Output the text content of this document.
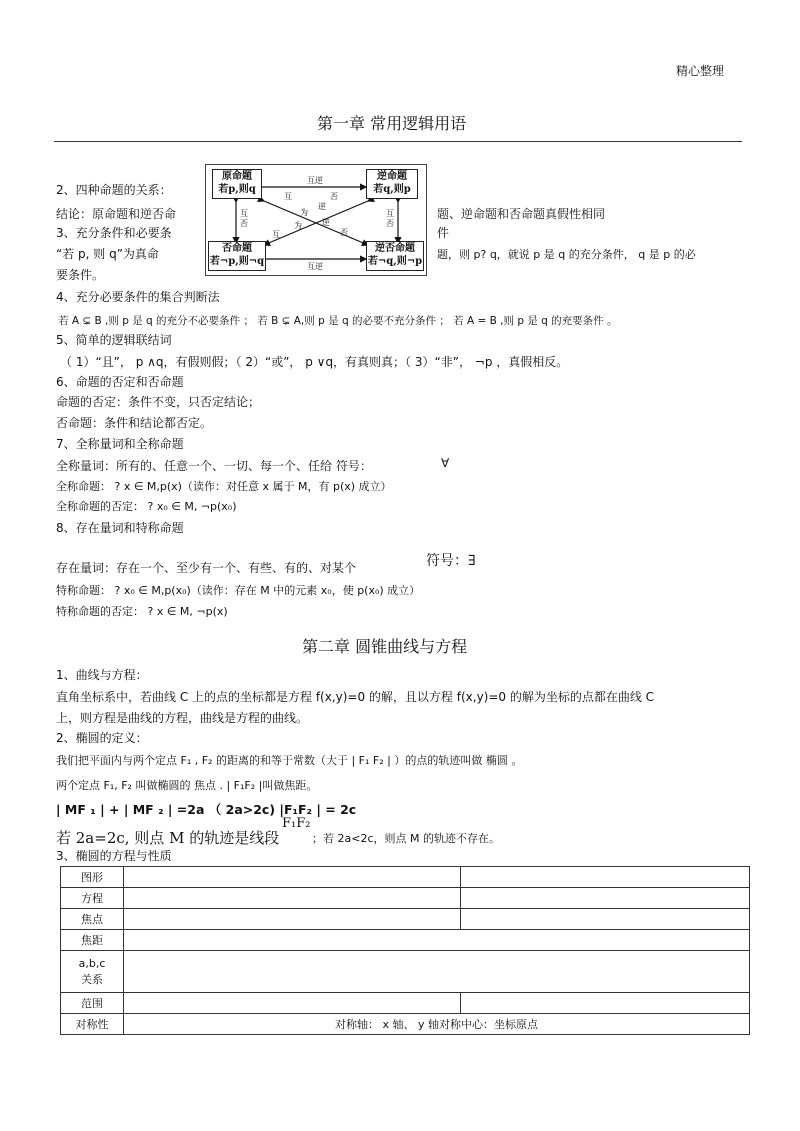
精心整理
第一章 常用逻辑用语
原命题
若p,则q
逆命题
若q,则p
否命题
若¬p,则¬q
逆否命题
若¬q,则¬p
互逆
互逆
互
否
互
否
互
为
逆
否
互
为	逆
否
2、四种命题的关系：
结论：原命题和逆否命	题、逆命题和否命题真假性相同
3、充分条件和必要条	件
“若 p, 则 q”为真命	题，则 p? q，就说 p 是 q 的充分条件， q 是 p 的必
要条件。
4、充分必要条件的集合判断法
若 A ⊊ B ,则 p 是 q 的充分不必要条件 ； 若 B ⊊ A,则 p 是 q 的必要不充分条件 ； 若 A = B ,则 p 是 q 的充要条件 。
5、简单的逻辑联结词
（ 1）“且”， p ∧q，有假则假；（ 2）“或”， p ∨q，有真则真；（ 3）“非”， ¬p ，真假相反。
6、命题的否定和否命题
命题的否定：条件不变，只否定结论；
否命题：条件和结论都否定。
7、全称量词和全称命题
全称量词：所有的、任意一个、一切、每一个、任给 符号：	∀
全称命题： ? x ∈ M,p(x)（读作：对任意 x 属于 M，有 p(x) 成立）
全称命题的否定： ? x₀ ∈ M, ¬p(x₀)
8、存在量词和特称命题
存在量词：存在一个、至少有一个、有些、有的、对某个	符号：∃
特称命题： ? x₀ ∈ M,p(x₀)（读作：存在 M 中的元素 x₀，使 p(x₀) 成立）
特称命题的否定： ? x ∈ M, ¬p(x)
第二章 圆锥曲线与方程
1、曲线与方程：
直角坐标系中，若曲线 C 上的点的坐标都是方程 f(x,y)=0 的解，且以方程 f(x,y)=0 的解为坐标的点都在曲线 C
上，则方程是曲线的方程，曲线是方程的曲线。
2、椭圆的定义：
我们把平面内与两个定点 F₁ , F₂ 的距离的和等于常数（大于 | F₁ F₂ | ）的点的轨迹叫做 椭圆 。
两个定点 F₁, F₂ 叫做椭圆的 焦点 . | F₁F₂ |叫做焦距。
| MF ₁ | + | MF ₂ | =2a （ 2a>2c) |F₁F₂ | = 2c
若 2a=2c, 则点 M 的轨迹是线段
F₁F₂
；若 2a<2c，则点 M 的轨迹不存在。
3、椭圆的方程与性质
图形		
方程		
焦点		
焦距		
a,b,c
关系		
范围		
对称性	对称轴： x 轴、 y 轴对称中心：坐标原点	
